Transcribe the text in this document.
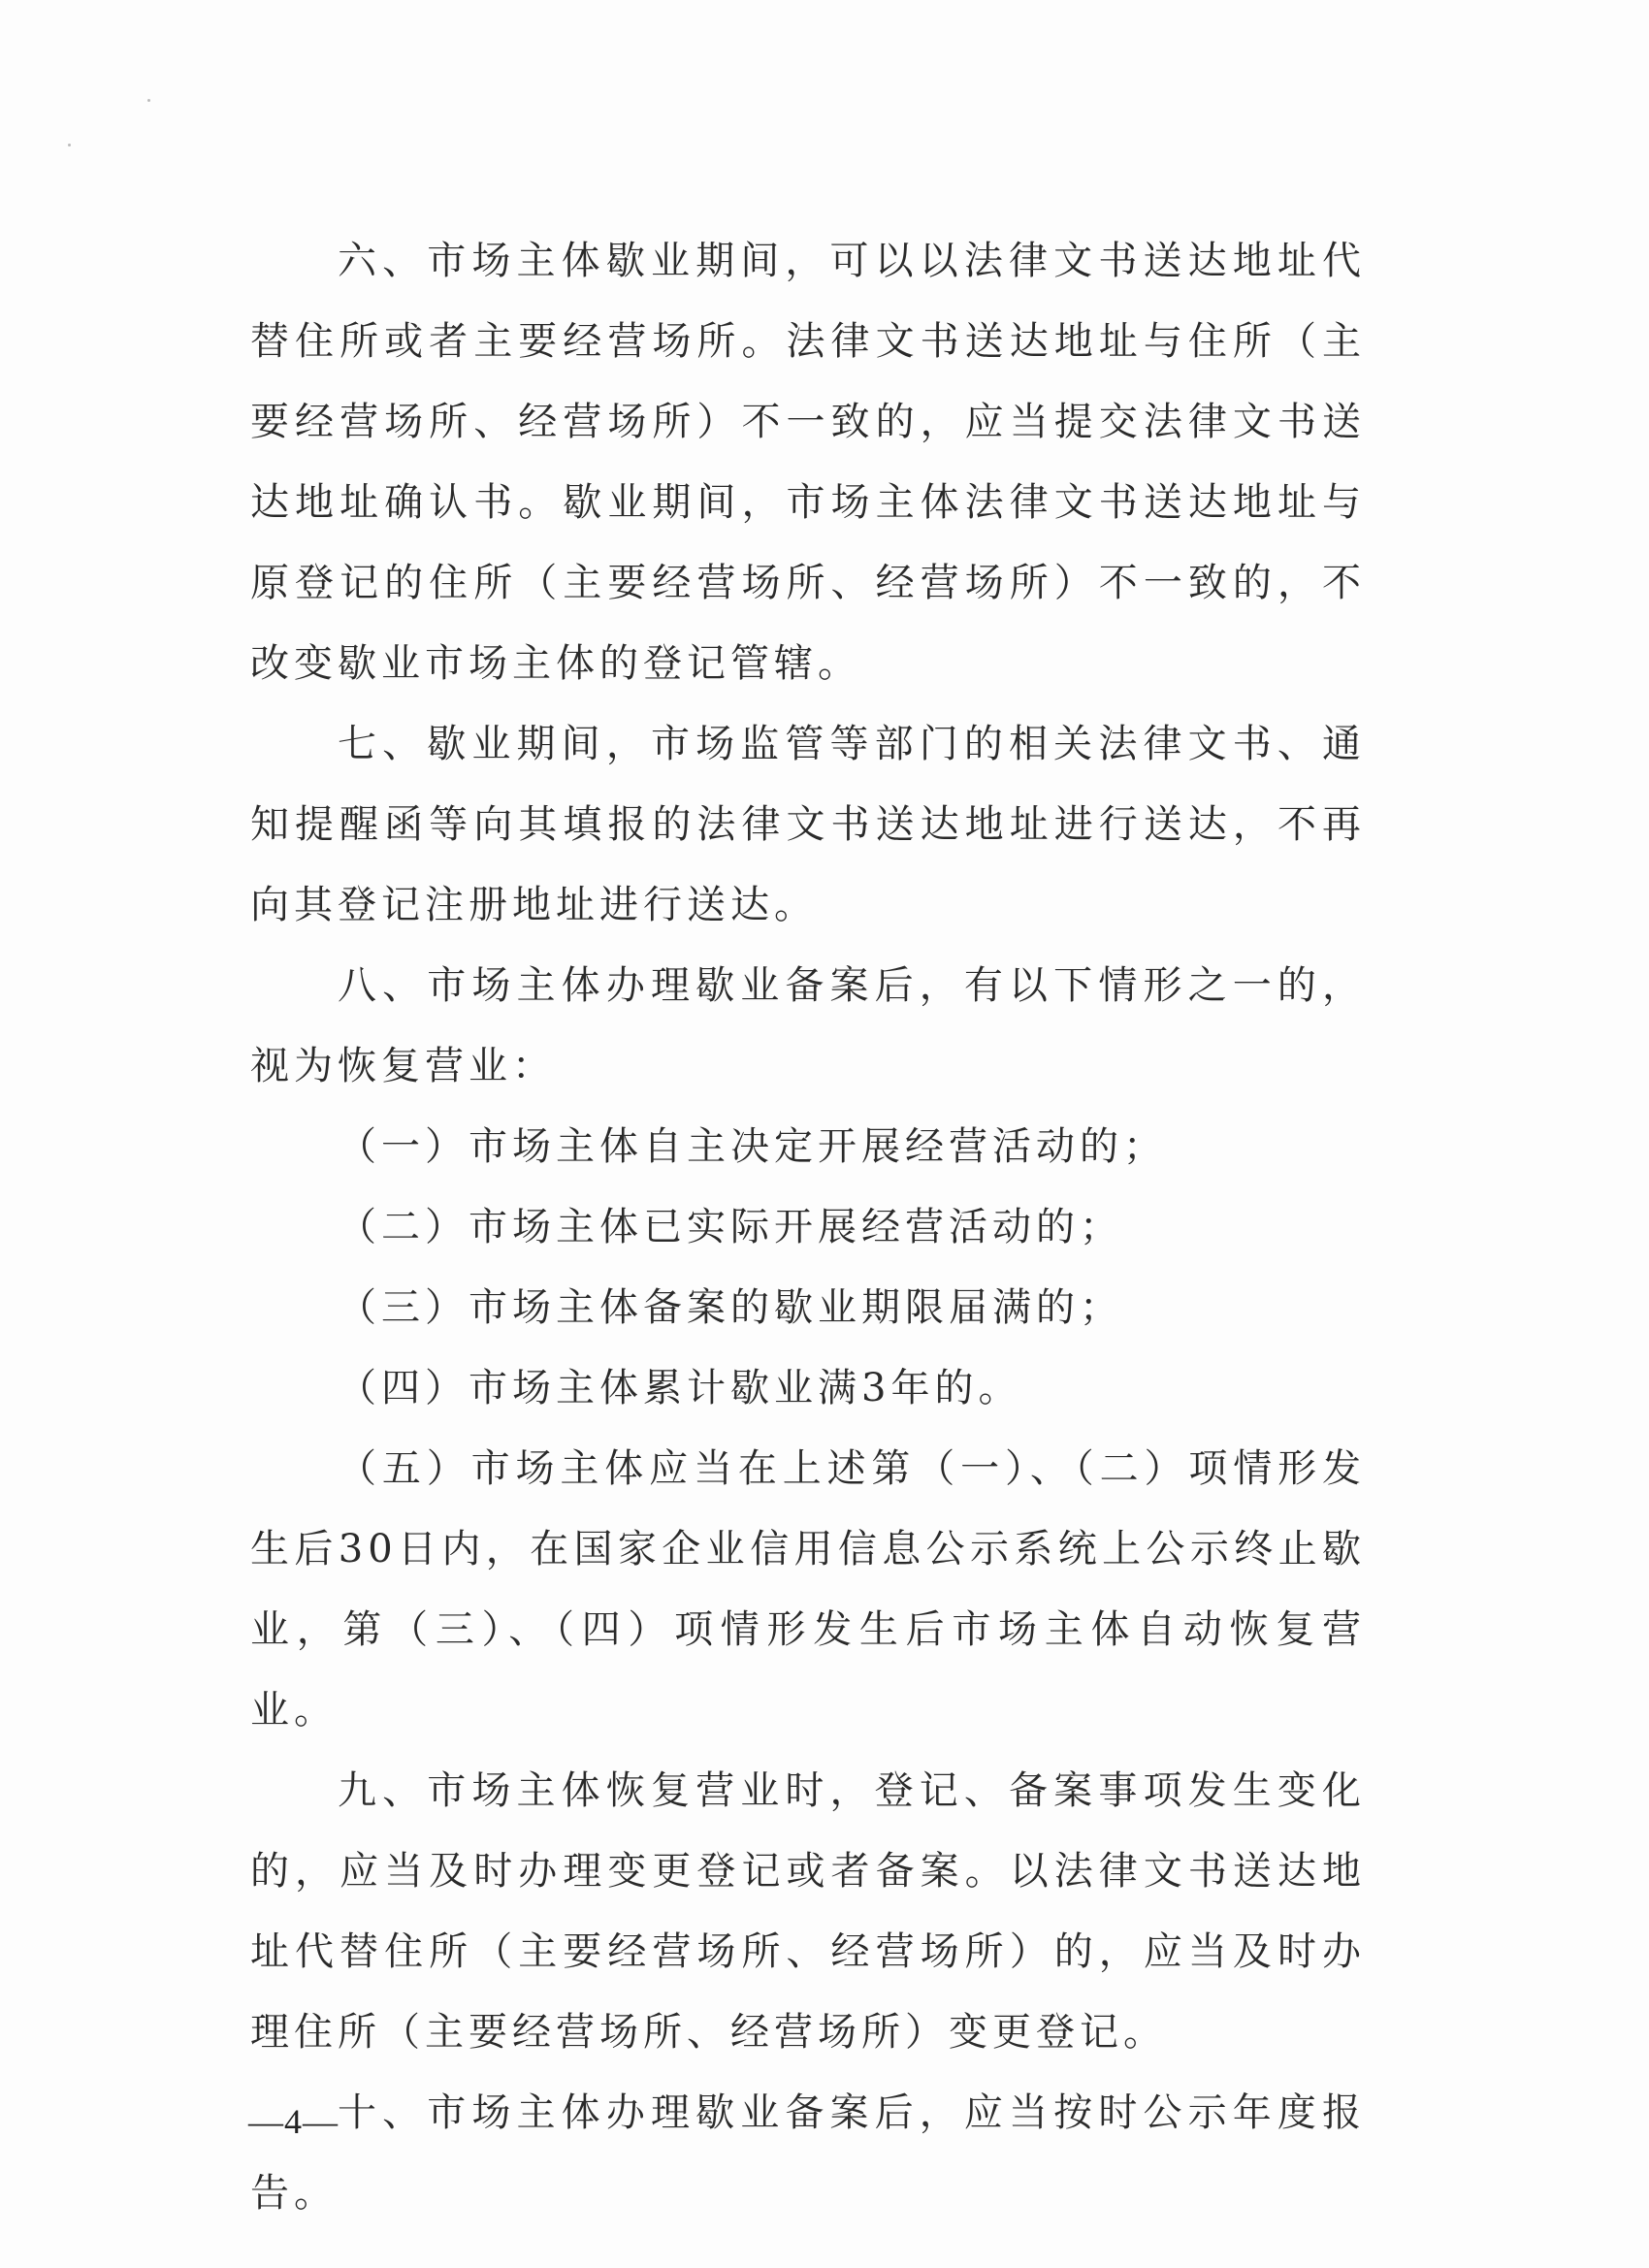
六、市场主体歇业期间，可以以法律文书送达地址代替住所或者主要经营场所。法律文书送达地址与住所（主要经营场所、经营场所）不一致的，应当提交法律文书送达地址确认书。歇业期间，市场主体法律文书送达地址与原登记的住所（主要经营场所、经营场所）不一致的，不改变歇业市场主体的登记管辖。

七、歇业期间，市场监管等部门的相关法律文书、通知提醒函等向其填报的法律文书送达地址进行送达，不再向其登记注册地址进行送达。

八、市场主体办理歇业备案后，有以下情形之一的，视为恢复营业：

（一）市场主体自主决定开展经营活动的；

（二）市场主体已实际开展经营活动的；

（三）市场主体备案的歇业期限届满的；

（四）市场主体累计歇业满3年的。

（五）市场主体应当在上述第（一）、（二）项情形发生后30日内，在国家企业信用信息公示系统上公示终止歇业，第（三）、（四）项情形发生后市场主体自动恢复营业。

九、市场主体恢复营业时，登记、备案事项发生变化的，应当及时办理变更登记或者备案。以法律文书送达地址代替住所（主要经营场所、经营场所）的，应当及时办理住所（主要经营场所、经营场所）变更登记。

十、市场主体办理歇业备案后，应当按时公示年度报告。

—4—
